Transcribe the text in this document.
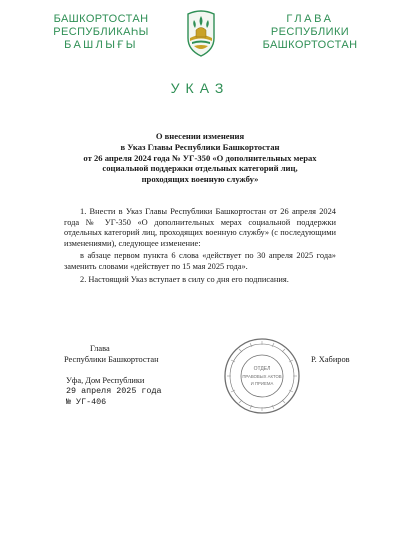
БАШКОРТОСТАН
РЕСПУБЛИКАҺЫ
БАШЛЫҒЫ
ГЛАВА
РЕСПУБЛИКИ
БАШКОРТОСТАН
УКАЗ
О внесении изменения
в Указ Главы Республики Башкортостан
от 26 апреля 2024 года № УГ-350 «О дополнительных мерах
социальной поддержки отдельных категорий лиц,
проходящих военную службу»

1. Внести в Указ Главы Республики Башкортостан от 26 апреля 2024 года № УГ-350 «О дополнительных мерах социальной поддержки отдельных категорий лиц, проходящих военную службу» (с последующими изменениями), следующее изменение:

в абзаце первом пункта 6 слова «действует по 30 апреля 2025 года» заменить словами «действует по 15 мая 2025 года».

2. Настоящий Указ вступает в силу со дня его подписания.

Глава
Республики Башкортостан
ОТДЕЛ
ПРАВОВЫХ АКТОВ
И ПРИЕМА
Р. Хабиров
Уфа, Дом Республики
29 апреля 2025 года
№ УГ-406
